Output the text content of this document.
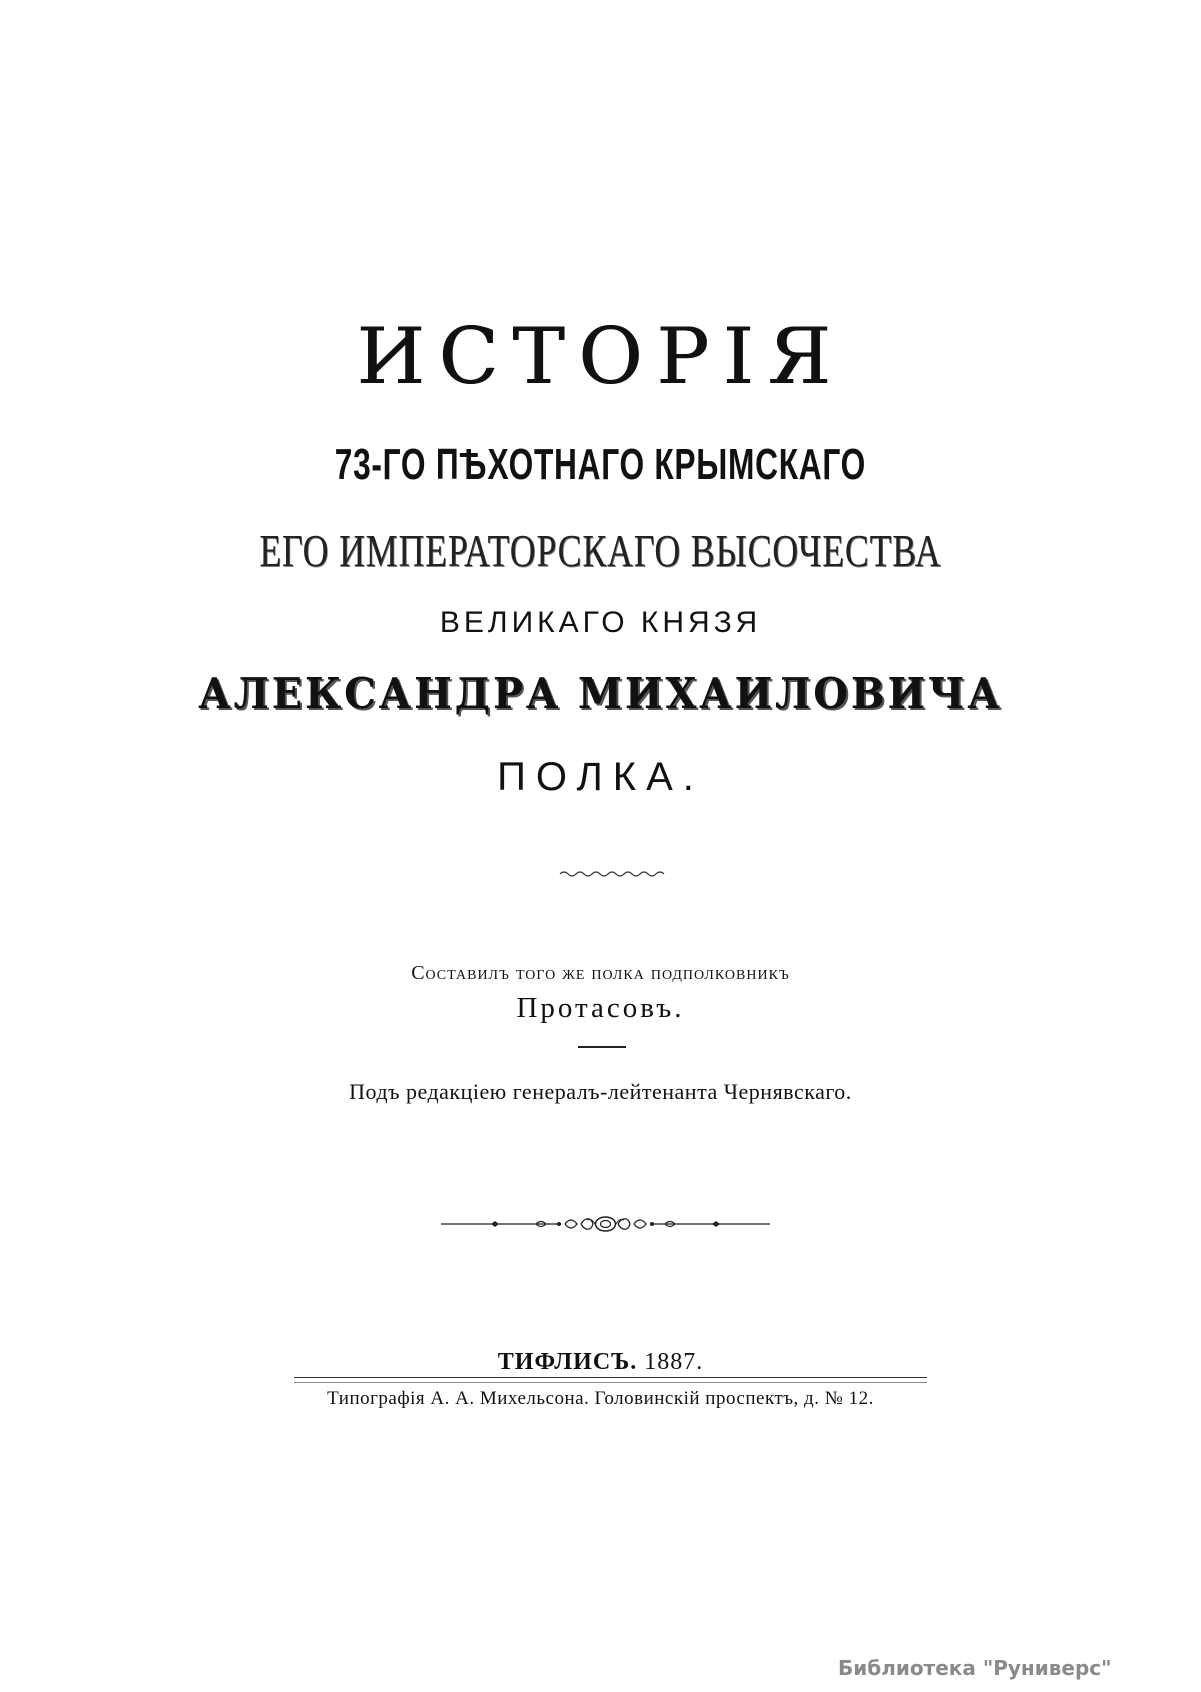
ИСТОРІЯ
73-ГО ПѢХОТНАГО КРЫМСКАГО
ЕГО ИМПЕРАТОРСКАГО ВЫСОЧЕСТВА
ВЕЛИКАГО КНЯЗЯ
АЛЕКСАНДРА МИХАИЛОВИЧА
ПОЛКА.
Составилъ того же полка подполковникъ
Протасовъ.
Подъ редакціею генералъ-лейтенанта Чернявскаго.
ТИФЛИСЪ. 1887.
Типографія А. А. Михельсона. Головинскій проспектъ, д. № 12.
Библиотека "Руниверс"
